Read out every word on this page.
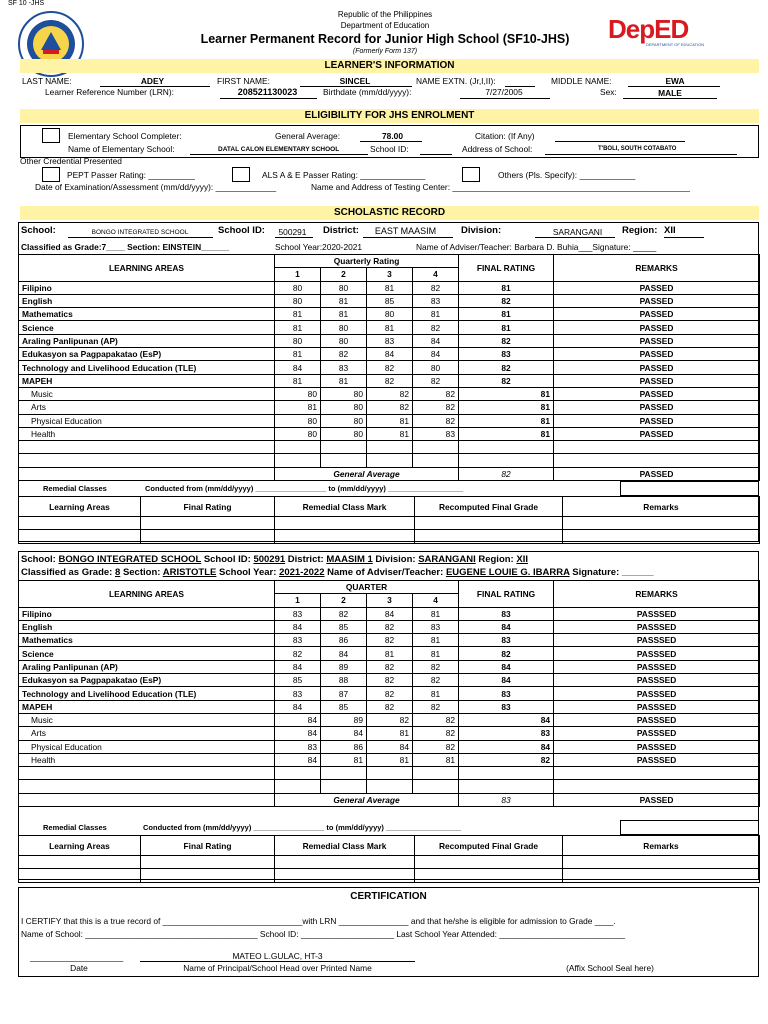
SF 10 -JHS
Republic of the Philippines
Department of Education
Learner Permanent Record for Junior High School (SF10-JHS)
(Formerly Form 137)
DepED
DEPARTMENT OF EDUCATION
LEARNER'S INFORMATION
LAST NAME:	ADEY	FIRST NAME:	SINCEL	NAME EXTN. (Jr,I,II):	MIDDLE NAME:	EWA
Learner Reference Number (LRN):	208521130023	Birthdate (mm/dd/yyyy):	7/27/2005	Sex:	MALE
ELIGIBILITY FOR JHS ENROLMENT
Elementary School Completer:	General Average:	78.00	Citation: (If Any)
Name of Elementary School:	DATAL CALON ELEMENTARY SCHOOL	School ID:	Address of School:	T'BOLI, SOUTH COTABATO
Other Credential Presented
PEPT Passer Rating: __________	ALS A & E Passer Rating: ______________	Others (Pls. Specify): ____________
Date of Examination/Assessment (mm/dd/yyyy): _____________	Name and Address of Testing Center: ___________________________________________________
SCHOLASTIC RECORD
School:	BONGO INTEGRATED SCHOOL	School ID:	500291	District:	EAST MAASIM	Division:	SARANGANI	Region: XII
Classified as Grade:7____ Section: EINSTEIN______	School Year:2020-2021	Name of Adviser/Teacher: Barbara D. Buhia___Signature: _____
LEARNING AREAS	Quarterly Rating				FINAL RATING	REMARKS
	1	2	3	4		
Filipino	80	80	81	82	81	PASSED
English	80	81	85	83	82	PASSED
Mathematics	81	81	80	81	81	PASSED
Science	81	80	81	82	81	PASSED
Araling Panlipunan (AP)	80	80	83	84	82	PASSED
Edukasyon sa Pagpapakatao (EsP)	81	82	84	84	83	PASSED
Technology and Livelihood Education (TLE)	84	83	82	80	82	PASSED
MAPEH	81	81	82	82	82	PASSED
Music	80	80	82	82	81	PASSED
Arts	81	80	82	82	81	PASSED
Physical Education	80	80	81	82	81	PASSED
Health	80	80	81	83	81	PASSED

	General Average				82	PASSED
Remedial Classes	Conducted from (mm/dd/yyyy) _________________ to (mm/dd/yyyy) __________________
Learning Areas	Final Rating	Remedial Class Mark	Recomputed Final Grade	Remarks

School: BONGO INTEGRATED SCHOOL School ID: 500291 District: MAASIM 1 Division: SARANGANI Region: XII
Classified as Grade: 8 Section: ARISTOTLE School Year: 2021-2022 Name of Adviser/Teacher: EUGENE LOUIE G. IBARRA Signature: ______
LEARNING AREAS	QUARTER				FINAL RATING	REMARKS
	1	2	3	4		
Filipino	83	82	84	81	83	PASSSED
English	84	85	82	83	84	PASSSED
Mathematics	83	86	82	81	83	PASSSED
Science	82	84	81	81	82	PASSSED
Araling Panlipunan (AP)	84	89	82	82	84	PASSSED
Edukasyon sa Pagpapakatao (EsP)	85	88	82	82	84	PASSSED
Technology and Livelihood Education (TLE)	83	87	82	81	83	PASSSED
MAPEH	84	85	82	82	83	PASSSED
Music	84	89	82	82	84	PASSSED
Arts	84	84	81	82	83	PASSSED
Physical Education	83	86	84	82	84	PASSSED
Health	84	81	81	81	82	PASSSED

	General Average				83	PASSED
Remedial Classes	Conducted from (mm/dd/yyyy) _________________ to (mm/dd/yyyy) __________________
Learning Areas	Final Rating	Remedial Class Mark	Recomputed Final Grade	Remarks

CERTIFICATION
I CERTIFY that this is a true record of ______________________________with LRN _______________ and that he/she is eligible for admission to Grade ____.
Name of School: _____________________________________ School ID: ____________________ Last School Year Attended: ___________________________
____________________	MATEO L.GULAC, HT-3
Date	Name of Principal/School Head over Printed Name	(Affix School Seal here)
